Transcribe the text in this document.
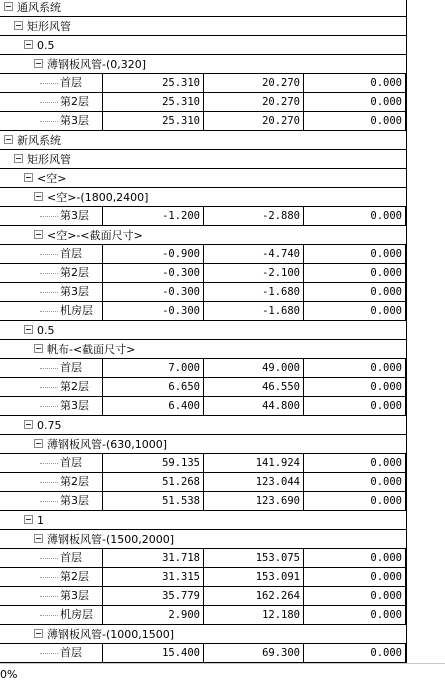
通风系统
矩形风管
0.5
薄钢板风管-(0,320]
首层	25.310	20.270	0.000
第2层	25.310	20.270	0.000
第3层	25.310	20.270	0.000
新风系统
矩形风管
<空>
<空>-(1800,2400]
第3层	-1.200	-2.880	0.000
<空>-<截面尺寸>
首层	-0.900	-4.740	0.000
第2层	-0.300	-2.100	0.000
第3层	-0.300	-1.680	0.000
机房层	-0.300	-1.680	0.000
0.5
帆布-<截面尺寸>
首层	7.000	49.000	0.000
第2层	6.650	46.550	0.000
第3层	6.400	44.800	0.000
0.75
薄钢板风管-(630,1000]
首层	59.135	141.924	0.000
第2层	51.268	123.044	0.000
第3层	51.538	123.690	0.000
1
薄钢板风管-(1500,2000]
首层	31.718	153.075	0.000
第2层	31.315	153.091	0.000
第3层	35.779	162.264	0.000
机房层	2.900	12.180	0.000
薄钢板风管-(1000,1500]
首层	15.400	69.300	0.000
0%
